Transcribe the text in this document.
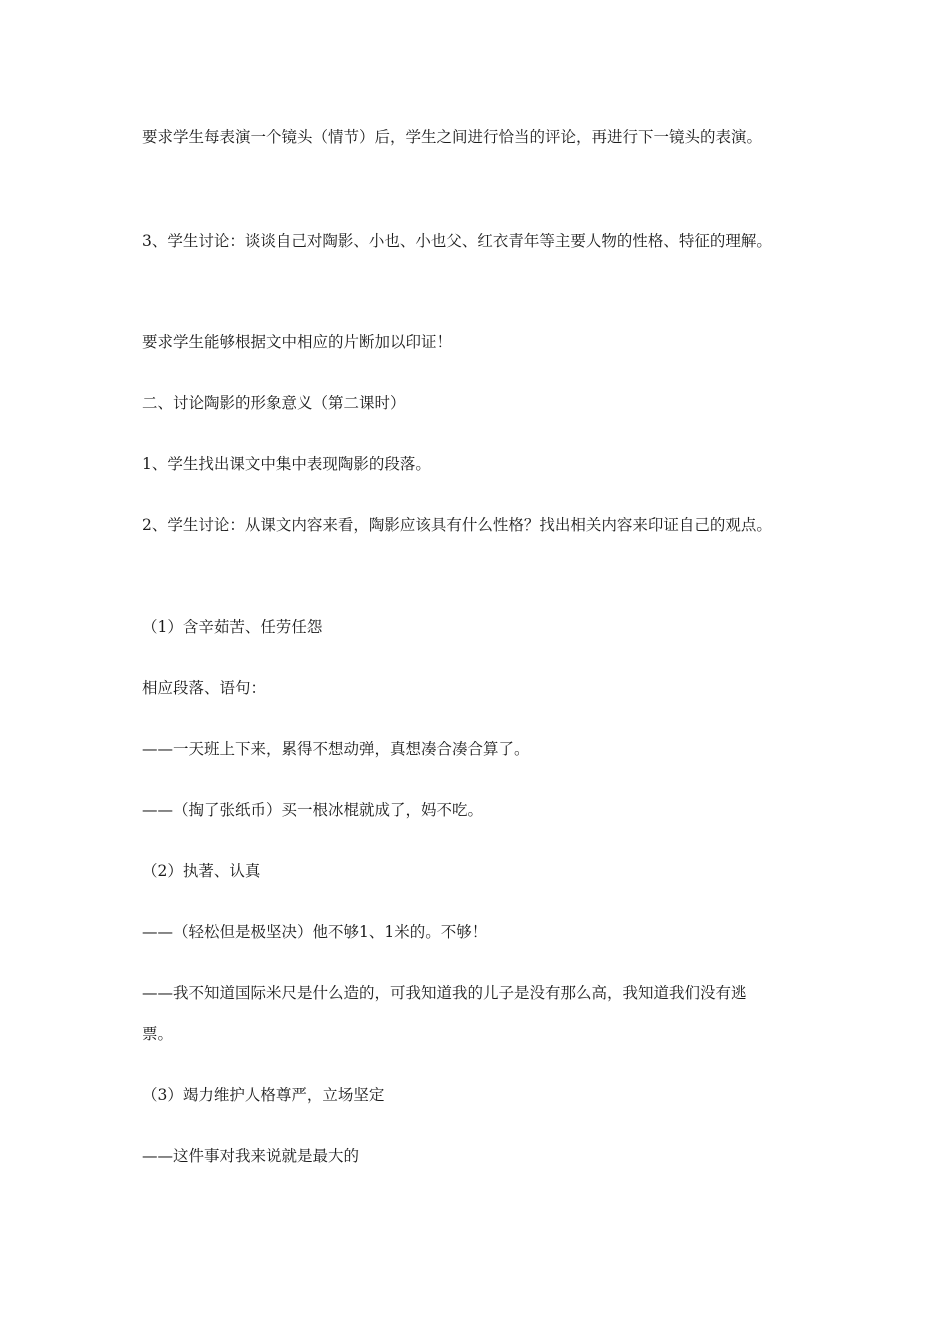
要求学生每表演一个镜头（情节）后，学生之间进行恰当的评论，再进行下一镜头的表演。
3、学生讨论：谈谈自己对陶影、小也、小也父、红衣青年等主要人物的性格、特征的理解。
要求学生能够根据文中相应的片断加以印证！
二、讨论陶影的形象意义（第二课时）
1、学生找出课文中集中表现陶影的段落。
2、学生讨论：从课文内容来看，陶影应该具有什么性格？找出相关内容来印证自己的观点。
（1）含辛茹苦、任劳任怨
相应段落、语句：
——一天班上下来，累得不想动弹，真想凑合凑合算了。
——（掏了张纸币）买一根冰棍就成了，妈不吃。
（2）执著、认真
——（轻松但是极坚决）他不够1、1米的。不够！
——我不知道国际米尺是什么造的，可我知道我的儿子是没有那么高，我知道我们没有逃
票。
（3）竭力维护人格尊严，立场坚定
——这件事对我来说就是最大的
